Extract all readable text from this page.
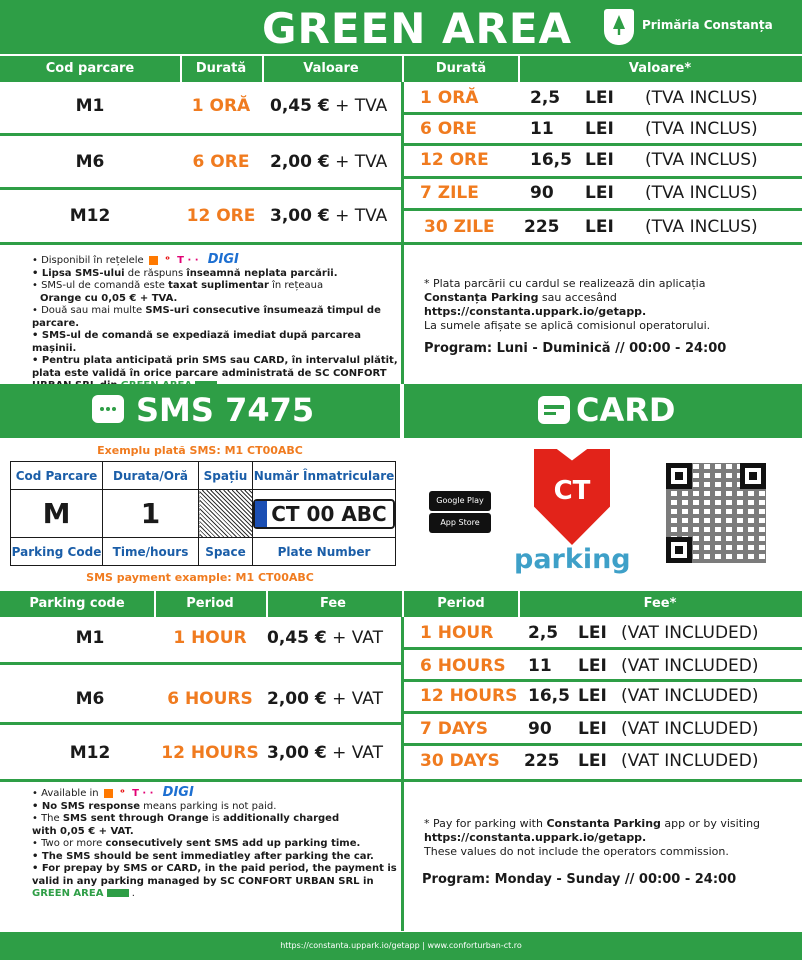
GREEN AREA	Primăria Constanța
Cod parcare	Durată	Valoare	Durată	Valoare*
M1	1 ORĂ	0,45 € + TVA
M6	6 ORE	2,00 € + TVA
M12	12 ORE 3,00 € + TVA
1 ORĂ	2,5 LEI (TVA INCLUS)
6 ORE	11 LEI (TVA INCLUS)
12 ORE	16,5 LEI (TVA INCLUS)
7 ZILE	90 LEI (TVA INCLUS)
30 ZILE	225 LEI (TVA INCLUS)
• Disponibil în rețelele ᵒ T · · DIGI
• Lipsa SMS-ului de răspuns înseamnă neplata parcării.
• SMS-ul de comandă este taxat suplimentar în rețeaua
Orange cu 0,05 € + TVA.
• Două sau mai multe SMS-uri consecutive însumează timpul de parcare.
• SMS-ul de comandă se expediază imediat după parcarea mașinii.
• Pentru plata anticipată prin SMS sau CARD, în intervalul plătit, plata este validă în orice parcare administrată de SC CONFORT
* Plata parcării cu cardul se realizează din aplicația
Constanța Parking sau accesând
https://constanta.uppark.io/getapp.
La sumele afișate se aplică comisionul operatorului.
Program: Luni - Duminică // 00:00 - 24:00
SMS 7475	CARD
Exemplu plată SMS: M1 CT00ABC
Cod Parcare	Durata/Oră	Spațiu	Număr Înmatriculare
M	1		CT 00 ABC
Parking Code	Time/hours	Space	Plate Number
SMS payment example: M1 CT00ABC
Google Play
App Store
CT
parking
Parking code	Period	Fee	Period	Fee*
M1	1 HOUR	0,45 € + VAT
M6	6 HOURS 2,00 € + VAT
M12	12 HOURS 3,00 € + VAT
1 HOUR	2,5 LEI (VAT INCLUDED)
6 HOURS	11 LEI (VAT INCLUDED)
12 HOURS 16,5 LEI (VAT INCLUDED)
7 DAYS	90 LEI (VAT INCLUDED)
30 DAYS	225 LEI (VAT INCLUDED)
• Available in ᵒ T · · DIGI
• No SMS response means parking is not paid.
• The SMS sent through Orange is additionally charged
with 0,05 € + VAT.
• Two or more consecutively sent SMS add up parking time.
• The SMS should be sent immediatley after parking the car.
• For prepay by SMS or CARD, in the paid period, the payment is valid in any parking managed by SC CONFORT URBAN SRL in
GREEN AREA	.
* Pay for parking with Constanta Parking app or by visiting
https://constanta.uppark.io/getapp.
These values do not include the operators commission.
Program: Monday - Sunday // 00:00 - 24:00
https://constanta.uppark.io/getapp | www.conforturban-ct.ro
